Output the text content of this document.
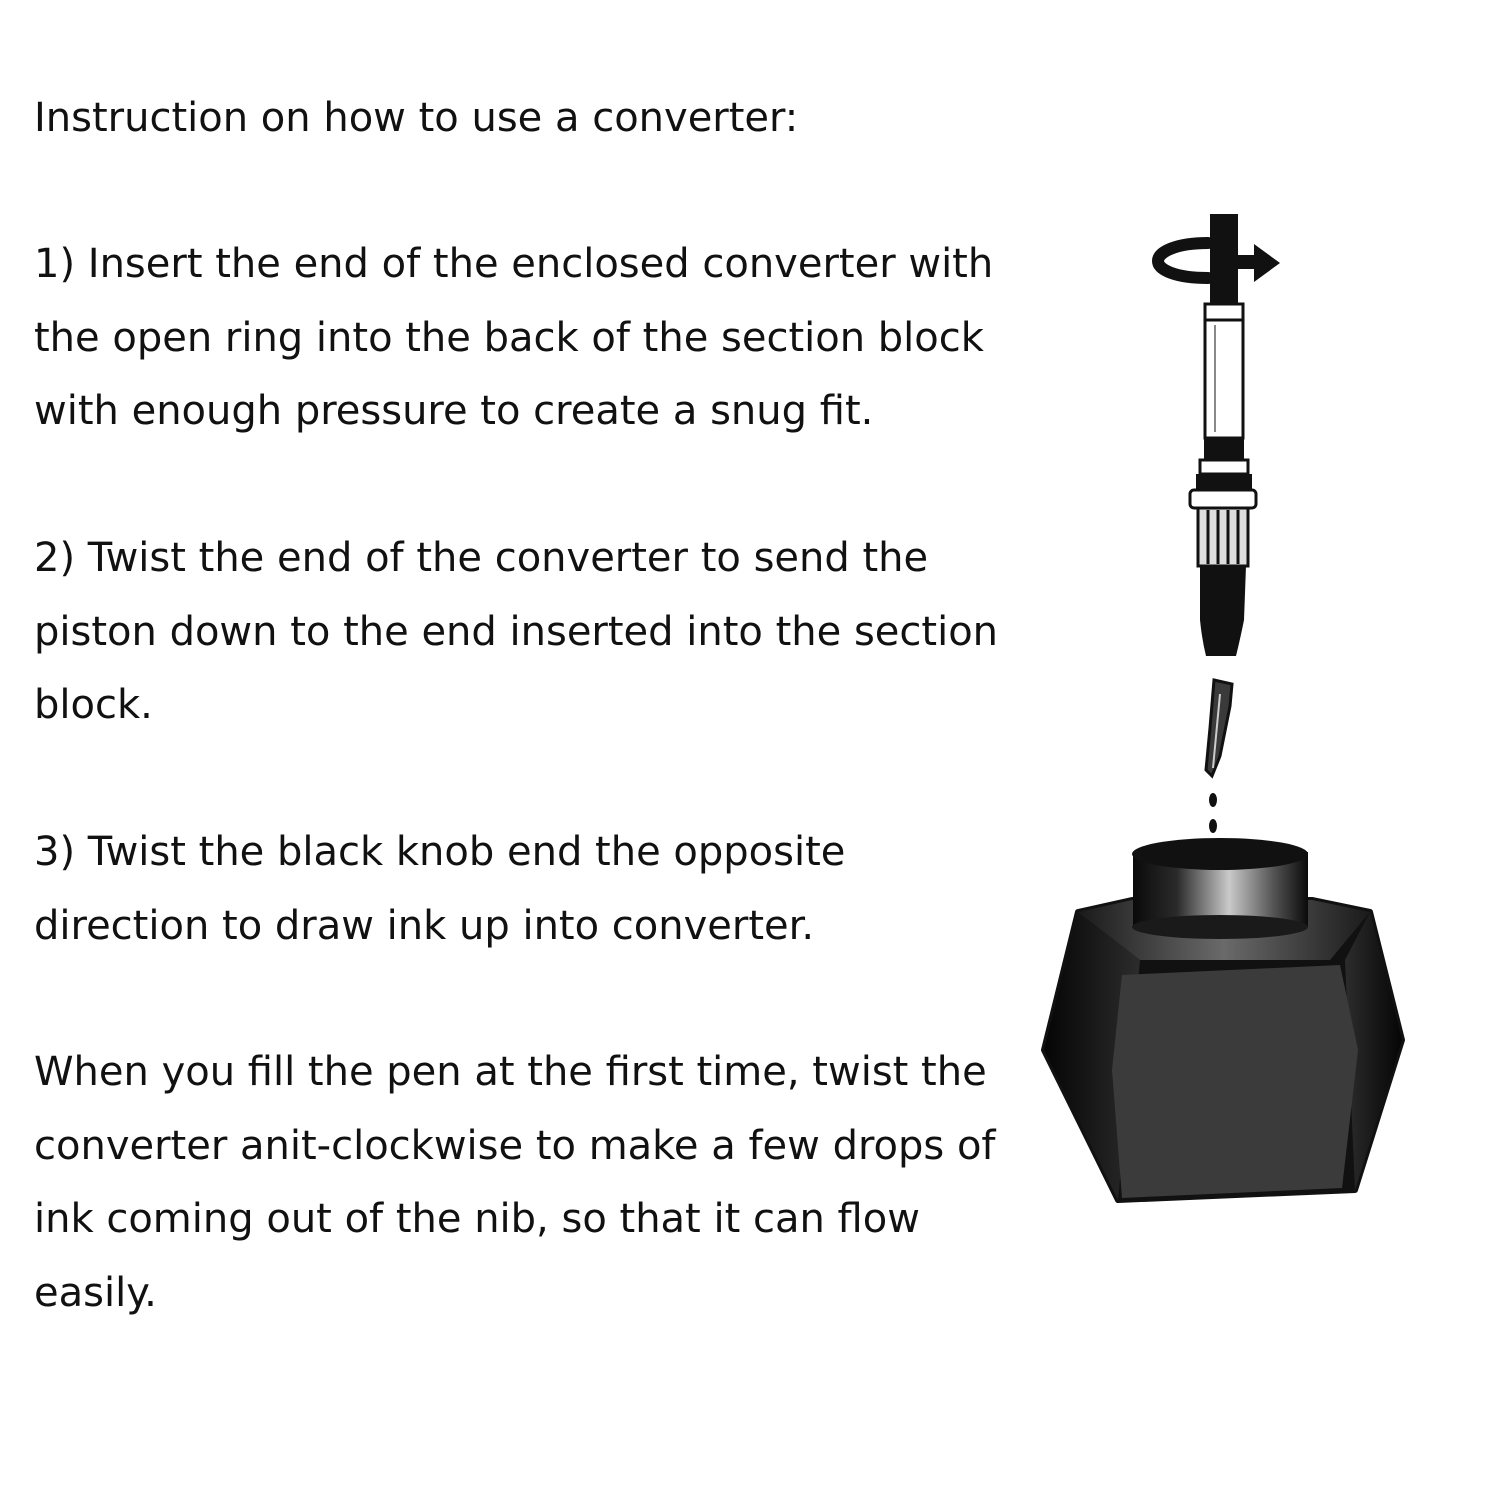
Instruction on how to use a converter:

1) Insert the end of the enclosed converter with
the open ring into the back of the section block
with enough pressure to create a snug fit.

2) Twist the end of the converter to send the
piston down to the end inserted into the section
block.

3) Twist the black knob end the opposite
direction to draw ink up into converter.

When you fill the pen at the first time, twist the
converter anit-clockwise to make a few drops of
ink coming out of the nib, so that it can flow
easily.
